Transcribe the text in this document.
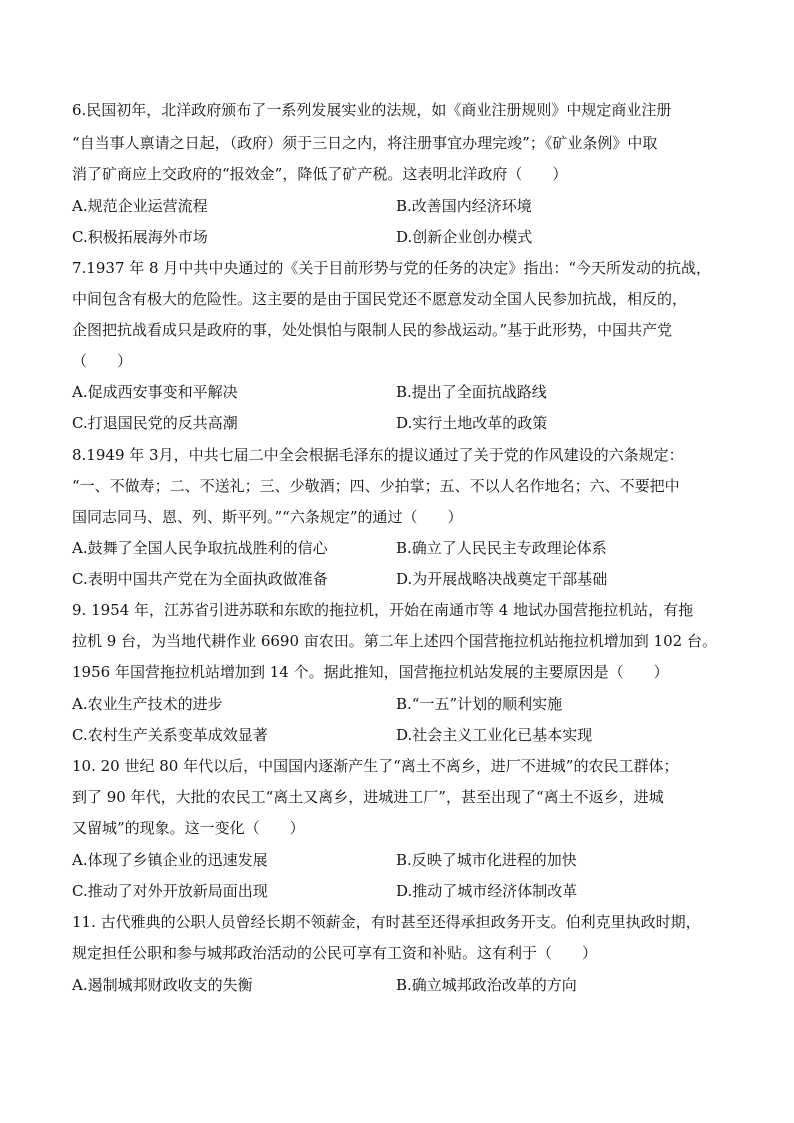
6.民国初年，北洋政府颁布了一系列发展实业的法规，如《商业注册规则》中规定商业注册
“自当事人禀请之日起，（政府）须于三日之内，将注册事宜办理完竣”；《矿业条例》中取
消了矿商应上交政府的“报效金”，降低了矿产税。这表明北洋政府（　　）
A.规范企业运营流程	B.改善国内经济环境
C.积极拓展海外市场	D.创新企业创办模式
7.1937 年 8 月中共中央通过的《关于目前形势与党的任务的决定》指出：“今天所发动的抗战，
中间包含有极大的危险性。这主要的是由于国民党还不愿意发动全国人民参加抗战，相反的，
企图把抗战看成只是政府的事，处处惧怕与限制人民的参战运动。”基于此形势，中国共产党
（　　）
A.促成西安事变和平解决	B.提出了全面抗战路线
C.打退国民党的反共高潮	D.实行土地改革的政策
8.1949 年 3月，中共七届二中全会根据毛泽东的提议通过了关于党的作风建设的六条规定：
“一、不做寿；二、不送礼；三、少敬酒；四、少拍掌；五、不以人名作地名；六、不要把中
国同志同马、恩、列、斯平列。”“六条规定”的通过（　　）
A.鼓舞了全国人民争取抗战胜利的信心	B.确立了人民民主专政理论体系
C.表明中国共产党在为全面执政做准备	D.为开展战略决战奠定干部基础
9. 1954 年，江苏省引进苏联和东欧的拖拉机，开始在南通市等 4 地试办国营拖拉机站，有拖
拉机 9 台，为当地代耕作业 6690 亩农田。第二年上述四个国营拖拉机站拖拉机增加到 102 台。
1956 年国营拖拉机站增加到 14 个。据此推知，国营拖拉机站发展的主要原因是（　　）
A.农业生产技术的进步	B.“一五”计划的顺利实施
C.农村生产关系变革成效显著	D.社会主义工业化已基本实现
10. 20 世纪 80 年代以后，中国国内逐渐产生了“离土不离乡，进厂不进城”的农民工群体；
到了 90 年代，大批的农民工“离土又离乡，进城进工厂”，甚至出现了“离土不返乡，进城
又留城”的现象。这一变化（　　）
A.体现了乡镇企业的迅速发展	B.反映了城市化进程的加快
C.推动了对外开放新局面出现	D.推动了城市经济体制改革
11. 古代雅典的公职人员曾经长期不领薪金，有时甚至还得承担政务开支。伯利克里执政时期，
规定担任公职和参与城邦政治活动的公民可享有工资和补贴。这有利于（　　）
A.遏制城邦财政收支的失衡	B.确立城邦政治改革的方向
